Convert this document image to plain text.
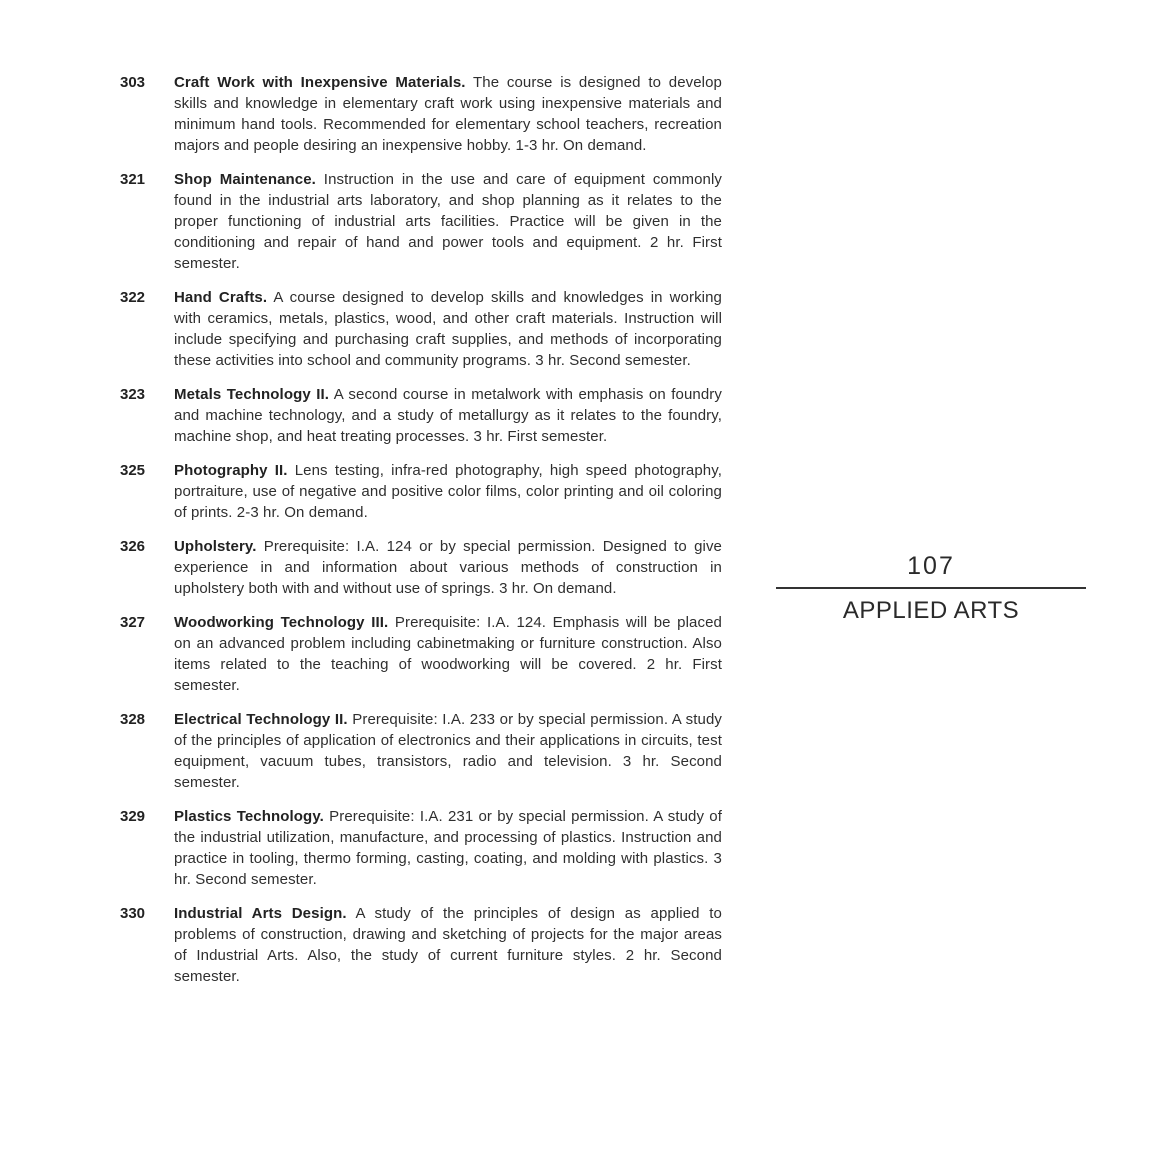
303	Craft Work with Inexpensive Materials. The course is designed to develop skills and knowledge in elementary craft work using inexpensive materials and minimum hand tools. Recommended for elementary school teachers, recreation majors and people desiring an inexpensive hobby. 1-3 hr. On demand.
321	Shop Maintenance. Instruction in the use and care of equipment commonly found in the industrial arts laboratory, and shop planning as it relates to the proper functioning of industrial arts facilities. Practice will be given in the conditioning and repair of hand and power tools and equipment. 2 hr. First semester.
322	Hand Crafts. A course designed to develop skills and knowledges in working with ceramics, metals, plastics, wood, and other craft materials. Instruction will include specifying and purchasing craft supplies, and methods of incorporating these activities into school and community programs. 3 hr. Second semester.
323	Metals Technology II. A second course in metalwork with emphasis on foundry and machine technology, and a study of metallurgy as it relates to the foundry, machine shop, and heat treating processes. 3 hr. First semester.
325	Photography II. Lens testing, infra-red photography, high speed photography, portraiture, use of negative and positive color films, color printing and oil coloring of prints. 2-3 hr. On demand.
326	Upholstery. Prerequisite: I.A. 124 or by special permission. Designed to give experience in and information about various methods of construction in upholstery both with and without use of springs. 3 hr. On demand.
327	Woodworking Technology III. Prerequisite: I.A. 124. Emphasis will be placed on an advanced problem including cabinetmaking or furniture construction. Also items related to the teaching of woodworking will be covered. 2 hr. First semester.
328	Electrical Technology II. Prerequisite: I.A. 233 or by special permission. A study of the principles of application of electronics and their applications in circuits, test equipment, vacuum tubes, transistors, radio and television. 3 hr. Second semester.
329	Plastics Technology. Prerequisite: I.A. 231 or by special permission. A study of the industrial utilization, manufacture, and processing of plastics. Instruction and practice in tooling, thermo forming, casting, coating, and molding with plastics. 3 hr. Second semester.
330	Industrial Arts Design. A study of the principles of design as applied to problems of construction, drawing and sketching of projects for the major areas of Industrial Arts. Also, the study of current furniture styles. 2 hr. Second semester.
107
APPLIED ARTS
